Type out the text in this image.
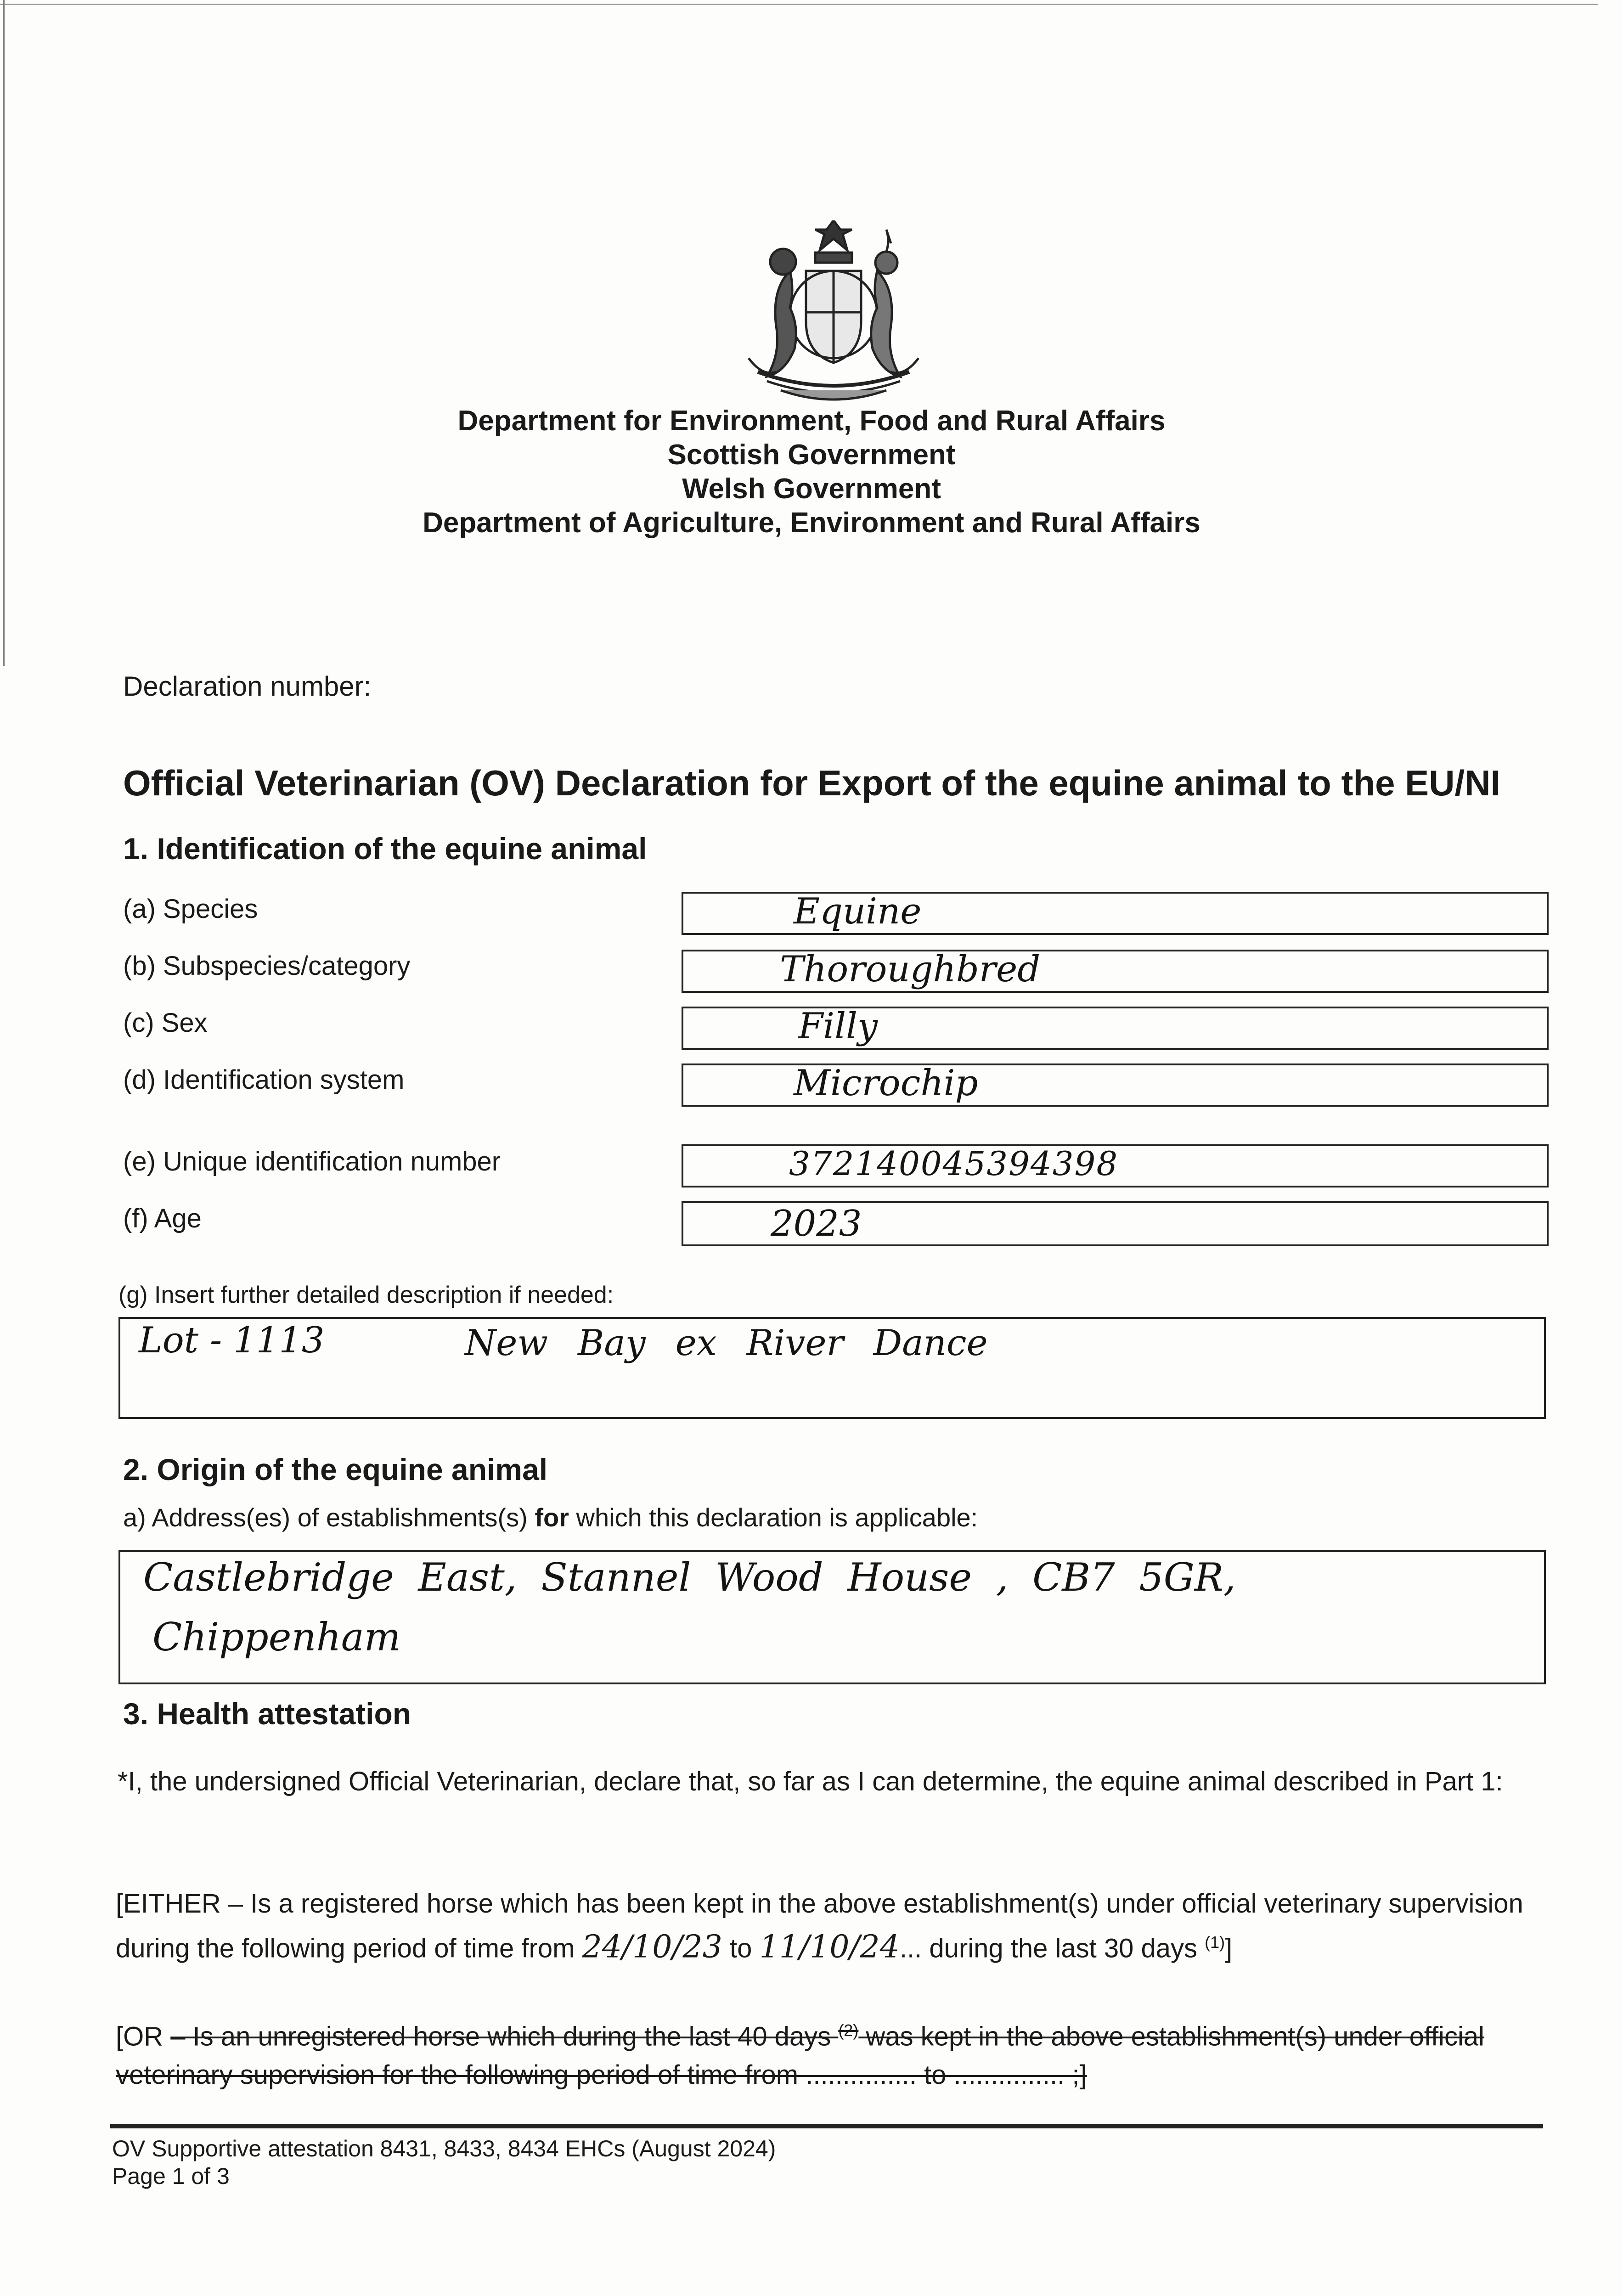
Department for Environment, Food and Rural Affairs
Scottish Government
Welsh Government
Department of Agriculture, Environment and Rural Affairs
Declaration number:
Official Veterinarian (OV) Declaration for Export of the equine animal to the EU/NI
1. Identification of the equine animal
(a) Species	Equine
(b) Subspecies/category	Thoroughbred
(c) Sex	Filly
(d) Identification system	Microchip
(e) Unique identification number	372140045394398
(f) Age	2023
(g) Insert further detailed description if needed:
Lot - 1113	New Bay ex River Dance
2. Origin of the equine animal
a) Address(es) of establishments(s) for which this declaration is applicable:
Castlebridge East, Stannel Wood House , CB7 5GR,
Chippenham
3. Health attestation
*I, the undersigned Official Veterinarian, declare that, so far as I can determine, the equine animal described in Part 1:
[EITHER – Is a registered horse which has been kept in the above establishment(s) under official veterinary supervision during the following period of time from 24/10/23 to 11/10/24... during the last 30 days $^{(1)}$]
[OR – Is an unregistered horse which during the last 40 days $^{(2)}$ was kept in the above establishment(s) under official veterinary supervision for the following period of time from ............... to ............... ;]
OV Supportive attestation 8431, 8433, 8434 EHCs (August 2024)
Page 1 of 3
